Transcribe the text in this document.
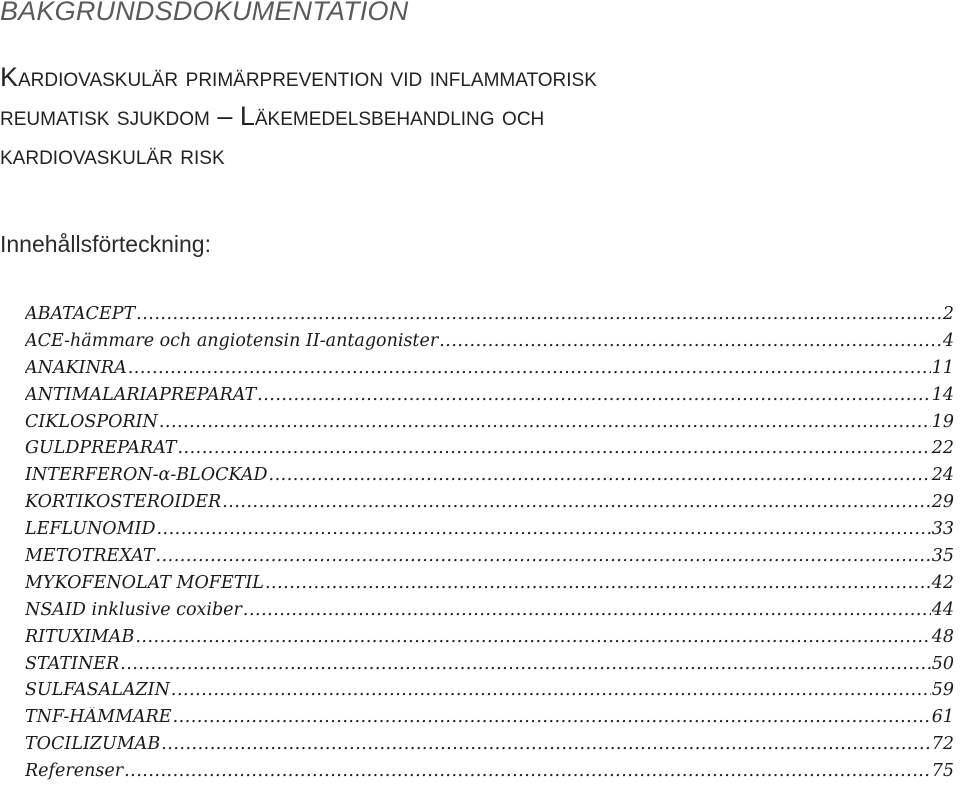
BAKGRUNDSDOKUMENTATION
Kardiovaskulär primärprevention vid inflammatorisk
reumatisk sjukdom – Läkemedelsbehandling och
kardiovaskulär risk
Innehållsförteckning:
ABATACEPT .....	2
ACE-hämmare och angiotensin II-antagonister .....	4
ANAKINRA .....	11
ANTIMALARIAPREPARAT .....	14
CIKLOSPORIN .....	19
GULDPREPARAT .....	22
INTERFERON-α-BLOCKAD .....	24
KORTIKOSTEROIDER .....	29
LEFLUNOMID .....	33
METOTREXAT .....	35
MYKOFENOLAT MOFETIL .....	42
NSAID inklusive coxiber .....	44
RITUXIMAB .....	48
STATINER .....	50
SULFASALAZIN .....	59
TNF-HÄMMARE .....	61
TOCILIZUMAB .....	72
Referenser .....	75
